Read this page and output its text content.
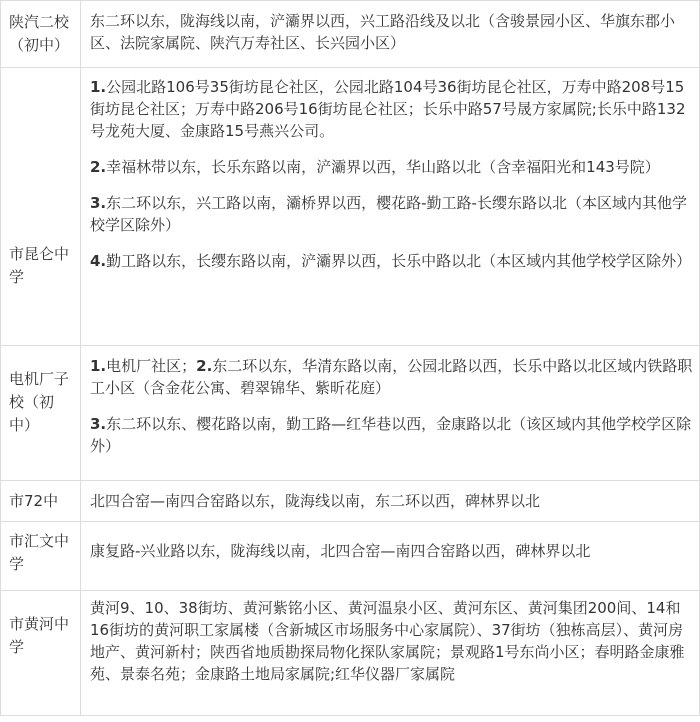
陕汽二校（初中）	东二环以东，陇海线以南，浐灞界以西，兴工路沿线及以北（含骏景园小区、华旗东郡小区、法院家属院、陕汽万寿社区、长兴园小区）

市昆仑中学	1.公园北路106号35街坊昆仑社区，公园北路104号36街坊昆仑社区，万寿中路208号15街坊昆仑社区；万寿中路206号16街坊昆仑社区；长乐中路57号晟方家属院;长乐中路132号龙苑大厦、金康路15号燕兴公司。
2.幸福林带以东，长乐东路以南，浐灞界以西，华山路以北（含幸福阳光和143号院）
3.东二环以东，兴工路以南，灞桥界以西，樱花路-勤工路-长缨东路以北（本区域内其他学校学区除外）
4.勤工路以东，长缨东路以南，浐灞界以西，长乐中路以北（本区域内其他学校学区除外）

电机厂子校（初中）	1.电机厂社区；2.东二环以东，华清东路以南，公园北路以西，长乐中路以北区域内铁路职工小区（含金花公寓、碧翠锦华、紫昕花庭）
3.东二环以东、樱花路以南，勤工路—红华巷以西，金康路以北（该区域内其他学校学区除外）

市72中	北四合窑—南四合窑路以东，陇海线以南，东二环以西，碑林界以北

市汇文中学	康复路-兴业路以东，陇海线以南，北四合窑—南四合窑路以西，碑林界以北

市黄河中学	黄河9、10、38街坊、黄河紫铭小区、黄河温泉小区、黄河东区、黄河集团200间、14和16街坊的黄河职工家属楼（含新城区市场服务中心家属院）、37街坊（独栋高层）、黄河房地产、黄河新村；陕西省地质勘探局物化探队家属院；景观路1号东尚小区；春明路金康雅苑、景泰名苑；金康路土地局家属院;红华仪器厂家属院
